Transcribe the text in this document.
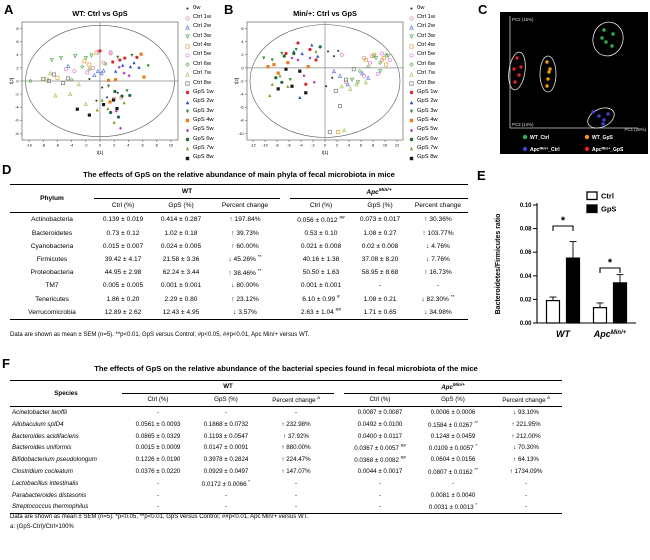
A	WT: Ctrl vs GpS
-10 -8	-6	-4	-2	0	2	4	6	8	10
-8
-6
-4
-2
0
2
4
6
8
t[1]
t[2]
0w
Ctrl 1w
Ctrl 2w
Ctrl 3w
Ctrl 4w
Ctrl 5w
Ctrl 6w
Ctrl 7w
Ctrl 8w
GpS 1w
GpS 2w
GpS 3w
GpS 4w
GpS 5w
GpS 6w
GpS 7w
GpS 8w
B	Min/+: Ctrl vs GpS
-12 -10 -8 -6 -4 -2 0	2	4	6	8 10 12
-10
-8
-6
-4
-2
0
2
4
6
t[1]
t[2]
0w
Ctrl 1w
Ctrl 2w
Ctrl 3w
Ctrl 4w
Ctrl 5w
Ctrl 6w
Ctrl 7w
Ctrl 8w
GpS 1w
GpS 2w
GpS 3w
GpS 4w
GpS 5w
GpS 6w
GpS 7w
GpS 8w
C
PC2 (15%)
PC3 (14%)
PC1 (28%)
WT_Ctrl	WT_GpS
Apc$^{Min/+}$_Ctrl	Apc$^{Min/+}$_GpS
D	The effects of GpS on the relative abundance of main phyla of fecal microbiota in mice
Phylum	WT				Apc$^{Min/+}$
	Ctrl (%)	GpS (%)	Percent change		Ctrl (%)	GpS (%)	Percent change
Actinobacteria	0.139 ± 0.019	0.414 ± 0.287	↑ 197.84%		0.056 ± 0.012 ##	0.073 ± 0.017	↑ 30.36%
Bacteroidetes	0.73 ± 0.12	1.02 ± 0.18	↑ 39.73%		0.53 ± 0.10	1.08 ± 0.27	↑ 103.77%
Cyanobacteria	0.015 ± 0.007	0.024 ± 0.005	↑ 60.00%		0.021 ± 0.008	0.02 ± 0.008	↓ 4.76%
Firmicutes	39.42 ± 4.17	21.58 ± 3.36	↓ 45.26% **		40.16 ± 1.38	37.08 ± 8.20	↓ 7.76%
Proteobacteria	44.95 ± 2.98	62.24 ± 3.44	↑ 38.46% **		50.50 ± 1.63	58.95 ± 8.68	↑ 16.73%
TM7	0.005 ± 0.005	0.001 ± 0.001	↓ 80.00%		0.001 ± 0.001	-	-
Tenericutes	1.86 ± 0.20	2.29 ± 0.80	↑ 23.12%		6.10 ± 0.99 #	1.08 ± 0.21	↓ 82.30% **
Verrucomicrobia	12.89 ± 2.62	12.43 ± 4.95	↓ 3.57%		2.63 ± 1.04 ##	1.71 ± 0.65	↓ 34.98%
Data are shown as mean ± SEM (n=5). **p<0.01, GpS versus Control; #p<0.05, ##p<0.01, Apc Min/+ versus WT.
E
0.00
0.02
0.04
0.06
0.08
0.10
Bacteroidetes/Firmicutes ratio	*
WT
*
Apc$^{Min/+}$
Ctrl
GpS
F	The effects of GpS on the relative abundance of the bacterial species found in fecal microbiota of the mice
Species	WT				Apc$^{Min/+}$
	Ctrl (%)	GpS (%)	Percent change $^a$		Ctrl (%)	GpS (%)	Percent change $^a$
Acinetobacter lwoffii	-	-	-		0.0087 ± 0.0087	0.0006 ± 0.0006	↓ 93.10%
Allobaculum spID4	0.0561 ± 0.0093	0.1868 ± 0.0732	↑ 232.98%		0.0492 ± 0.0100	0.1584 ± 0.0267 **	↑ 221.95%
Bacteroides acidifaciens	0.0865 ± 0.0329	0.1193 ± 0.0547	↑ 37.92%		0.0400 ± 0.0117	0.1248 ± 0.0459	↑ 212.00%
Bacteroides uniformis	0.0015 ± 0.0009	0.0147 ± 0.0091	↑ 880.00%		0.0367 ± 0.0057 ##	0.0109 ± 0.0057 *	↓ 70.30%
Bifidobacterium pseudolongum	0.1226 ± 0.0190	0.3978 ± 0.2824	↑ 224.47%		0.0368 ± 0.0082 ##	0.0604 ± 0.0156	↑ 64.13%
Clostridium cocleatum	0.0376 ± 0.0220	0.0929 ± 0.0497	↑ 147.07%		0.0044 ± 0.0017	0.0807 ± 0.0162 **	↑ 1734.09%
Lactobacillus intestinalis	-	0.0172 ± 0.0066 *	-		-	-	-
Parabacteroides distasonis	-	-	-		-	0.0081 ± 0.0040	-
Streptococcus thermophilus	-	-	-		-	0.0031 ± 0.0013 *	-
Data are shown as mean ± SEM (n=5). *p<0.05, **p<0.01, GpS versus Control; ##p<0.01, Apc Min/+ versus WT.
a: (GpS-Ctrl)/Ctrl×100%
